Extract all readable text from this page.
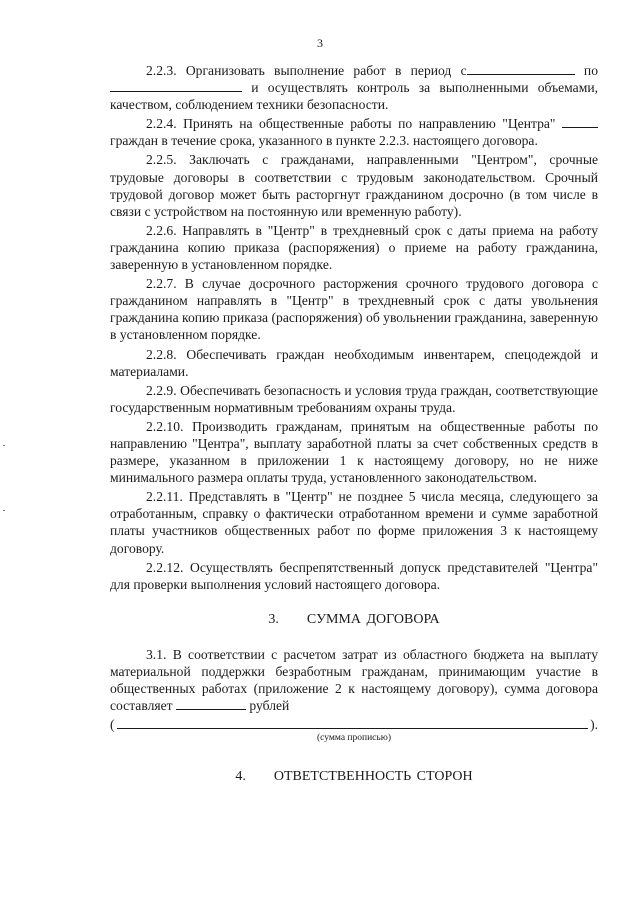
3

2.2.3. Организовать выполнение работ в период с	по  и осуществлять контроль за выполненными объемами, качеством, соблюдением техники безопасности.

2.2.4. Принять на общественные работы по направлению "Центра"  граждан в течение срока, указанного в пункте 2.2.3. настоящего договора.

2.2.5. Заключать с гражданами, направленными "Центром", срочные трудовые договоры в соответствии с трудовым законодательством. Срочный трудовой договор может быть расторгнут гражданином досрочно (в том числе в связи с устройством на постоянную или временную работу).

2.2.6. Направлять в "Центр" в трехдневный срок с даты приема на работу гражданина копию приказа (распоряжения) о приеме на работу гражданина, заверенную в установленном порядке.

2.2.7. В случае досрочного расторжения срочного трудового договора с гражданином направлять в "Центр" в трехдневный срок с даты увольнения гражданина копию приказа (распоряжения) об увольнении гражданина, заверенную в установленном порядке.

2.2.8. Обеспечивать граждан необходимым инвентарем, спецодеждой и материалами.

2.2.9. Обеспечивать безопасность и условия труда граждан, соответствующие государственным нормативным требованиям охраны труда.

2.2.10. Производить гражданам, принятым на общественные работы по направлению "Центра", выплату заработной платы за счет собственных средств в размере, указанном в приложении 1 к настоящему договору, но не ниже минимального размера оплаты труда, установленного законодательством.

2.2.11. Представлять в "Центр" не позднее 5 числа месяца, следующего за отработанным, справку о фактически отработанном времени и сумме заработной платы участников общественных работ по форме приложения 3 к настоящему договору.

2.2.12. Осуществлять беспрепятственный допуск представителей "Центра" для проверки выполнения условий настоящего договора.

3. СУММА ДОГОВОРА

3.1. В соответствии с расчетом затрат из областного бюджета на выплату материальной поддержки безработным гражданам, принимающим участие в общественных работах (приложение 2 к настоящему договору), сумма договора составляет	рублей

(	).

(сумма прописью)

4. ОТВЕТСТВЕННОСТЬ СТОРОН
